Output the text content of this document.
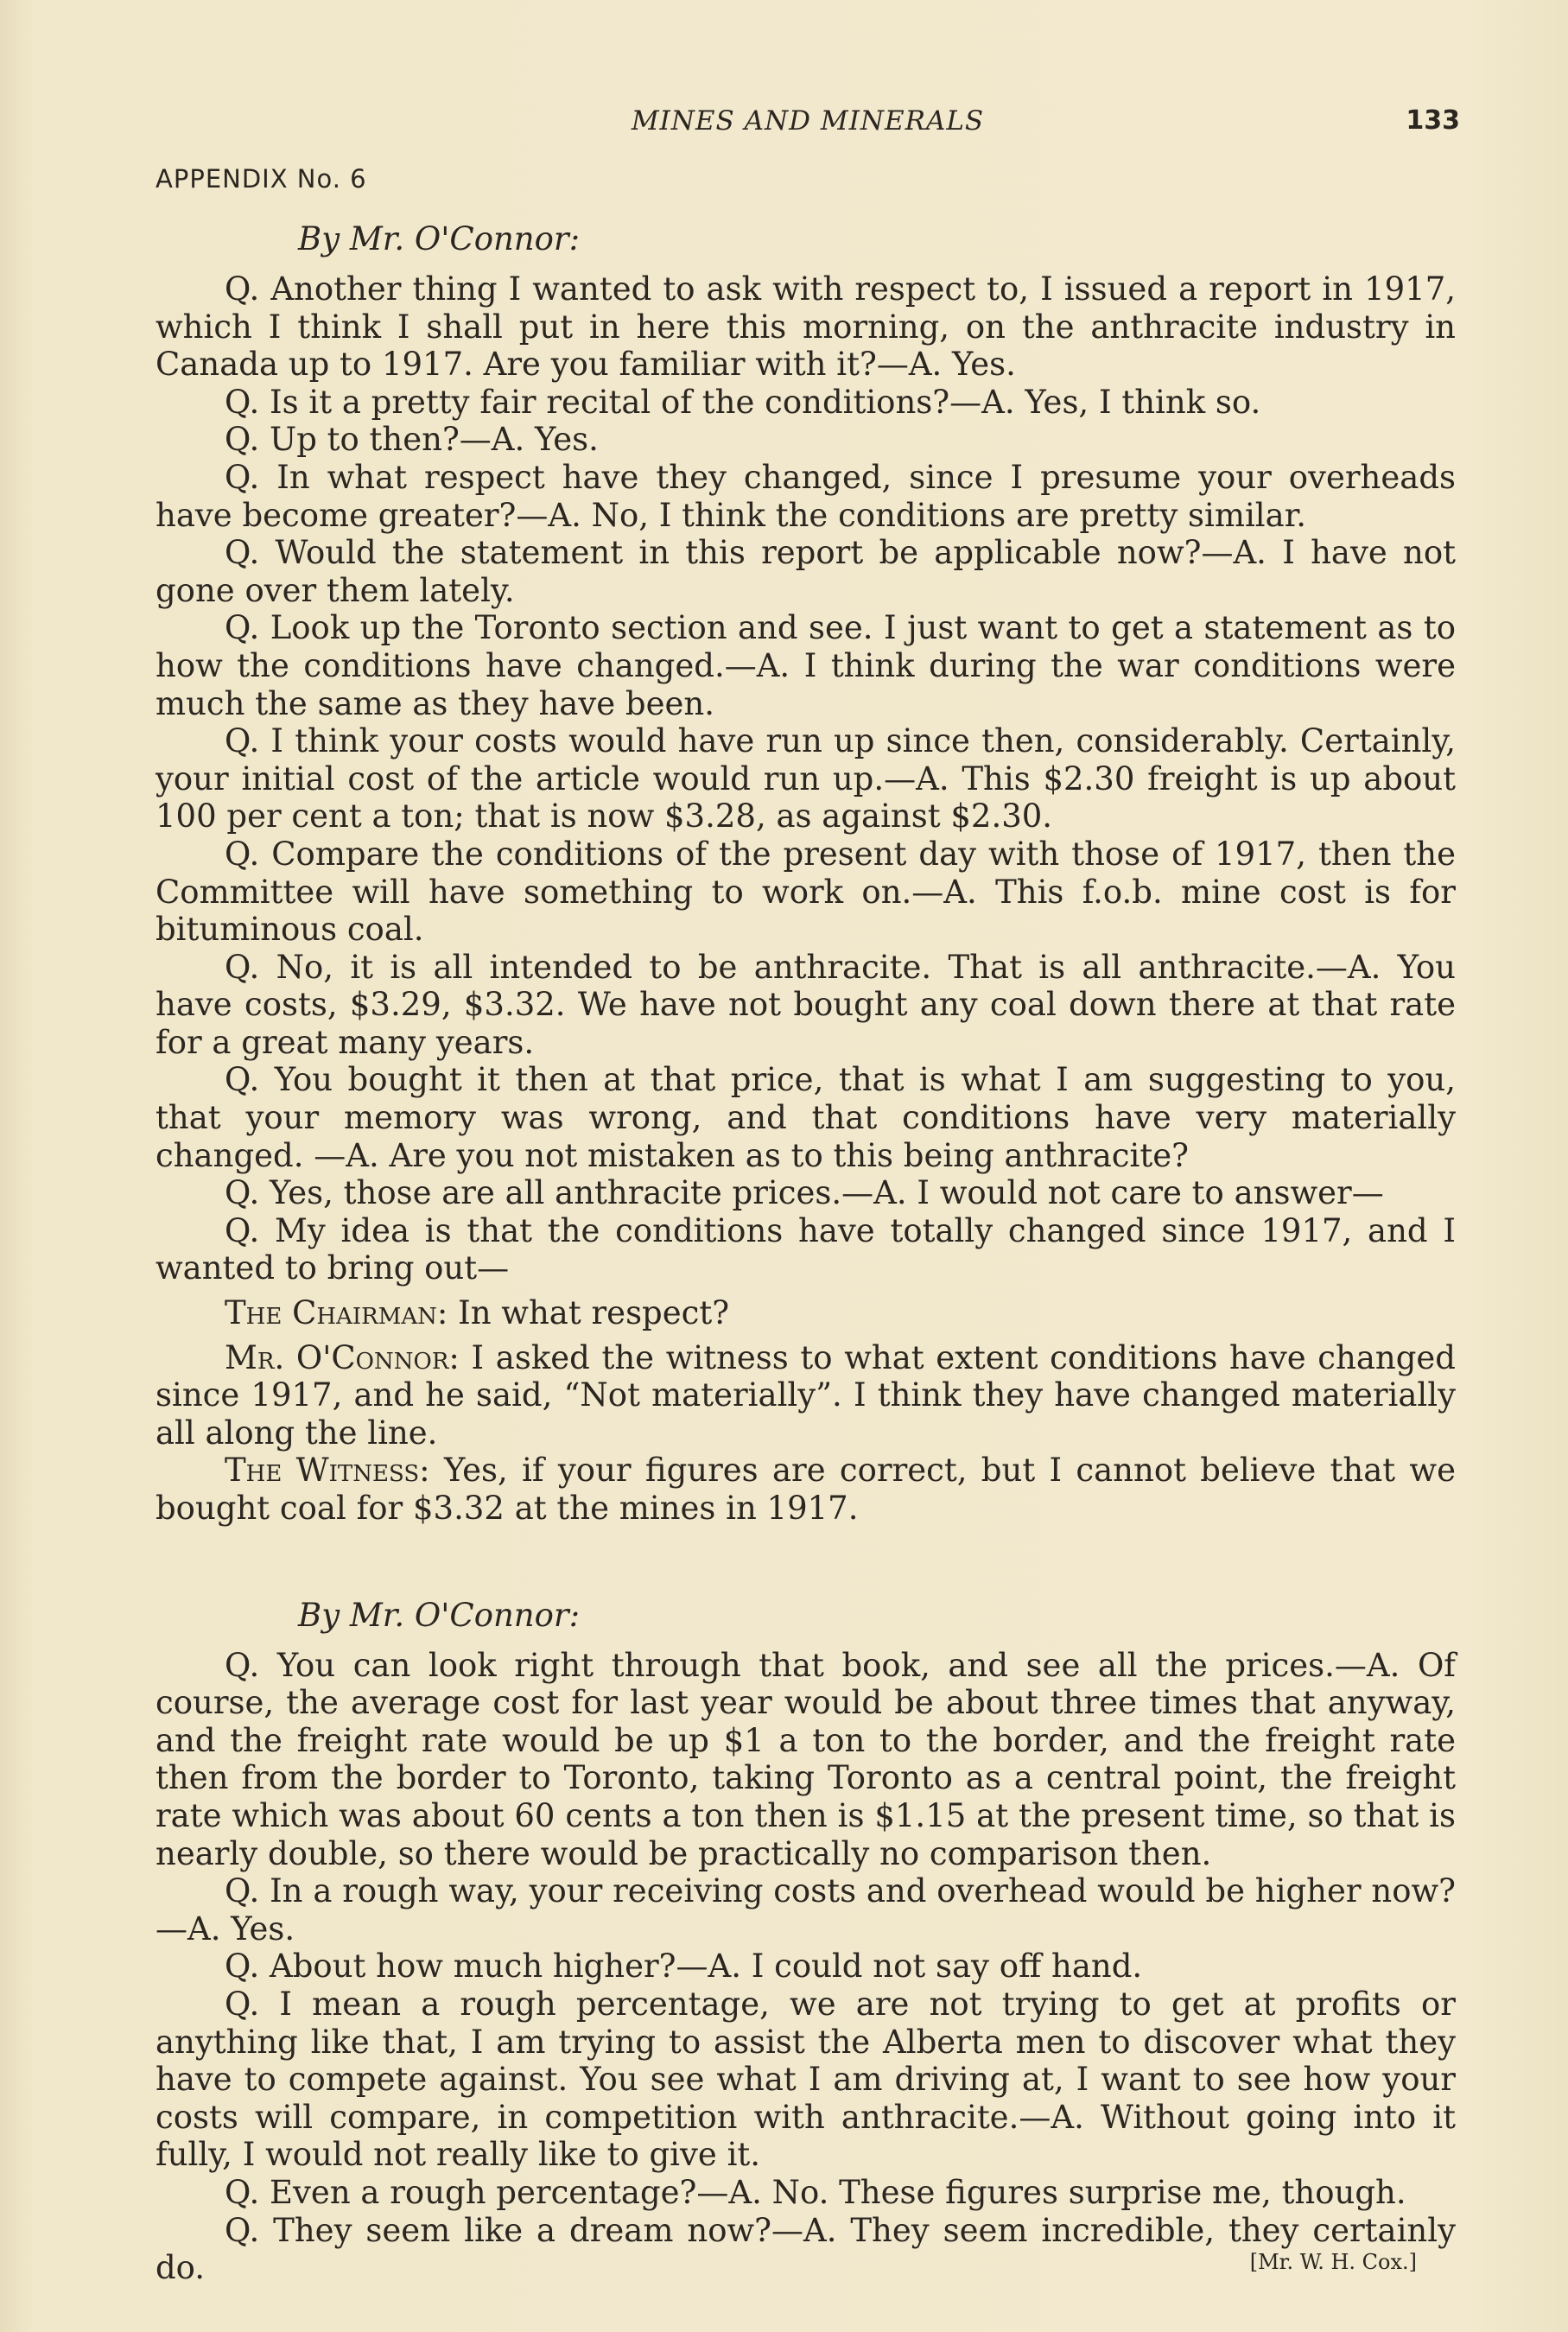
MINES AND MINERALS	133
APPENDIX No. 6
By Mr. O'Connor:

Q. Another thing I wanted to ask with respect to, I issued a report in 1917, which I think I shall put in here this morning, on the anthracite industry in Canada up to 1917. Are you familiar with it?—A. Yes.

Q. Is it a pretty fair recital of the conditions?—A. Yes, I think so.

Q. Up to then?—A. Yes.

Q. In what respect have they changed, since I presume your overheads have become greater?—A. No, I think the conditions are pretty similar.

Q. Would the statement in this report be applicable now?—A. I have not gone over them lately.

Q. Look up the Toronto section and see. I just want to get a statement as to how the conditions have changed.—A. I think during the war conditions were much the same as they have been.

Q. I think your costs would have run up since then, considerably. Certainly, your initial cost of the article would run up.—A. This $2.30 freight is up about 100 per cent a ton; that is now $3.28, as against $2.30.

Q. Compare the conditions of the present day with those of 1917, then the Committee will have something to work on.—A. This f.o.b. mine cost is for bituminous coal.

Q. No, it is all intended to be anthracite. That is all anthracite.—A. You have costs, $3.29, $3.32. We have not bought any coal down there at that rate for a great many years.

Q. You bought it then at that price, that is what I am suggesting to you, that your memory was wrong, and that conditions have very materially changed. —A. Are you not mistaken as to this being anthracite?

Q. Yes, those are all anthracite prices.—A. I would not care to answer—

Q. My idea is that the conditions have totally changed since 1917, and I wanted to bring out—

The Chairman: In what respect?

Mr. O'Connor: I asked the witness to what extent conditions have changed since 1917, and he said, “Not materially”. I think they have changed materially all along the line.

The Witness: Yes, if your figures are correct, but I cannot believe that we bought coal for $3.32 at the mines in 1917.

By Mr. O'Connor:

Q. You can look right through that book, and see all the prices.—A. Of course, the average cost for last year would be about three times that anyway, and the freight rate would be up $1 a ton to the border, and the freight rate then from the border to Toronto, taking Toronto as a central point, the freight rate which was about 60 cents a ton then is $1.15 at the present time, so that is nearly double, so there would be practically no comparison then.

Q. In a rough way, your receiving costs and overhead would be higher now?—A. Yes.

Q. About how much higher?—A. I could not say off hand.

Q. I mean a rough percentage, we are not trying to get at profits or anything like that, I am trying to assist the Alberta men to discover what they have to compete against. You see what I am driving at, I want to see how your costs will compare, in competition with anthracite.—A. Without going into it fully, I would not really like to give it.

Q. Even a rough percentage?—A. No. These figures surprise me, though.

Q. They seem like a dream now?—A. They seem incredible, they certainly do.	[Mr. W. H. Cox.]
